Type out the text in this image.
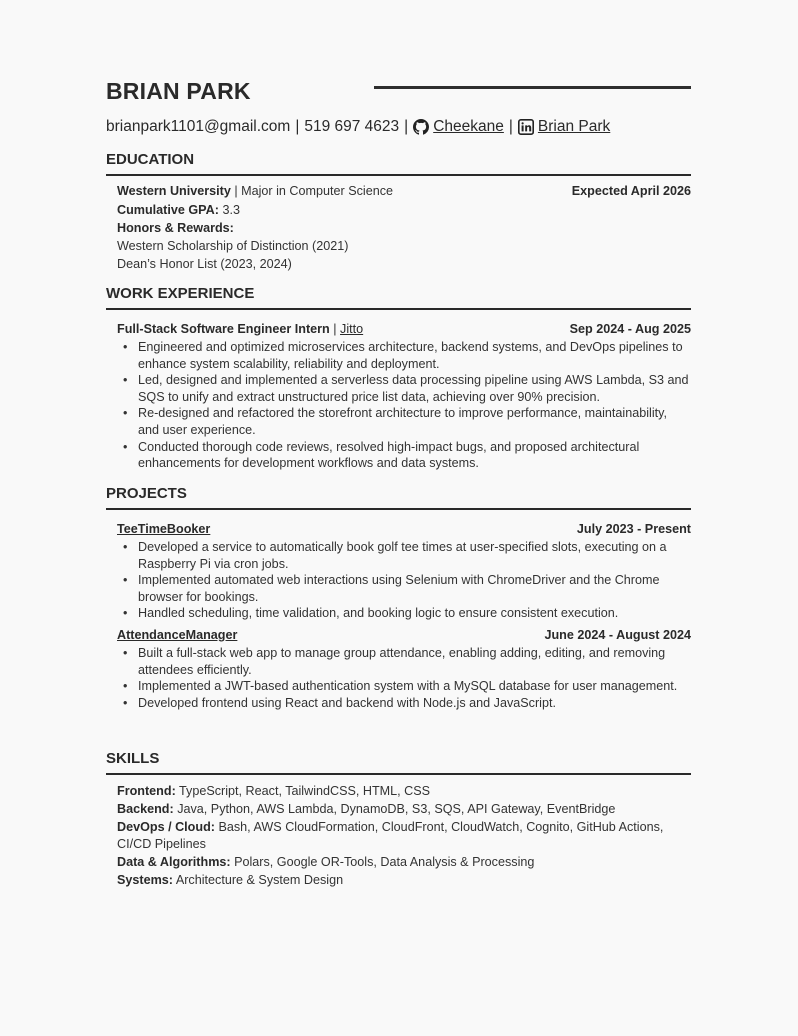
BRIAN PARK
brianpark1101@gmail.com | 519 697 4623 | Cheekane | Brian Park
EDUCATION
Western University | Major in Computer Science	Expected April 2026
Cumulative GPA: 3.3
Honors & Rewards:
Western Scholarship of Distinction (2021)
Dean’s Honor List (2023, 2024)
WORK EXPERIENCE
Full-Stack Software Engineer Intern | Jitto	Sep 2024 - Aug 2025
• Engineered and optimized microservices architecture, backend systems, and DevOps pipelines to enhance system scalability, reliability and deployment.
• Led, designed and implemented a serverless data processing pipeline using AWS Lambda, S3 and SQS to unify and extract unstructured price list data, achieving over 90% precision.
• Re-designed and refactored the storefront architecture to improve performance, maintainability, and user experience.
• Conducted thorough code reviews, resolved high-impact bugs, and proposed architectural enhancements for development workflows and data systems.
PROJECTS
TeeTimeBooker	July 2023 - Present
• Developed a service to automatically book golf tee times at user-specified slots, executing on a Raspberry Pi via cron jobs.
• Implemented automated web interactions using Selenium with ChromeDriver and the Chrome browser for bookings.
• Handled scheduling, time validation, and booking logic to ensure consistent execution.
AttendanceManager	June 2024 - August 2024
• Built a full-stack web app to manage group attendance, enabling adding, editing, and removing attendees efficiently.
• Implemented a JWT-based authentication system with a MySQL database for user management.
• Developed frontend using React and backend with Node.js and JavaScript.
SKILLS
Frontend: TypeScript, React, TailwindCSS, HTML, CSS
Backend: Java, Python, AWS Lambda, DynamoDB, S3, SQS, API Gateway, EventBridge
DevOps / Cloud: Bash, AWS CloudFormation, CloudFront, CloudWatch, Cognito, GitHub Actions, CI/CD Pipelines
Data & Algorithms: Polars, Google OR-Tools, Data Analysis & Processing
Systems: Architecture & System Design
